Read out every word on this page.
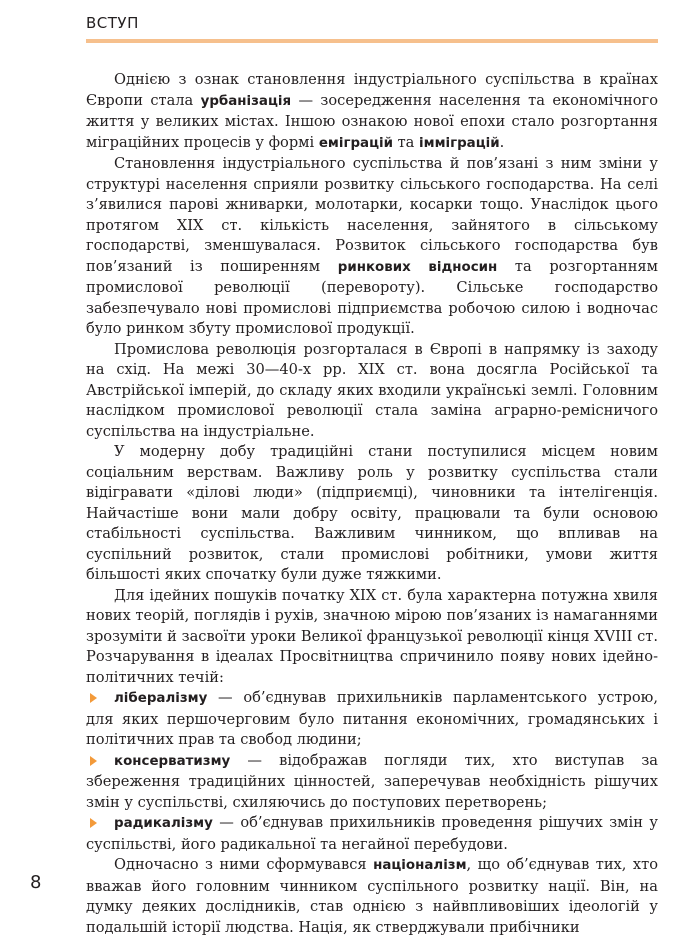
ВСТУП

Однією з ознак становлення індустріального суспільства в країнах Європи стала урбанізація — зосередження населення та економічного життя у великих містах. Іншою ознакою нової епохи стало розгортання міграційних процесів у формі еміграцій та імміграцій.

Становлення індустріального суспільства й пов’язані з ним зміни у структурі населення сприяли розвитку сільського господарства. На селі з’явилися парові жниварки, молотарки, косарки тощо. Унаслідок цього протягом XIX ст. кількість населення, зайнятого в сільському господарстві, зменшувалася. Розвиток сільського господарства був пов’язаний із поширенням ринкових відносин та розгортанням промислової революції (перевороту). Сільське господарство забезпечувало нові промислові підприємства робочою силою і водночас було ринком збуту промислової продукції.

Промислова революція розгорталася в Європі в напрямку із заходу на схід. На межі 30—40-х рр. XIX ст. вона досягла Російської та Австрійської імперій, до складу яких входили українські землі. Головним наслідком промислової революції стала заміна аграрно-ремісничого суспільства на індустріальне.

У модерну добу традиційні стани поступилися місцем новим соціальним верствам. Важливу роль у розвитку суспільства стали відігравати «ділові люди» (підприємці), чиновники та інтелігенція. Найчастіше вони мали добру освіту, працювали та були основою стабільності суспільства. Важливим чинником, що впливав на суспільний розвиток, стали промислові робітники, умови життя більшості яких спочатку були дуже тяжкими.

Для ідейних пошуків початку XIX ст. була характерна потужна хвиля нових теорій, поглядів і рухів, значною мірою пов’язаних із намаганнями зрозуміти й засвоїти уроки Великої французької революції кінця XVIII ст. Розчарування в ідеалах Просвітництва спричинило появу нових ідейно-політичних течій:

лібералізму — об’єднував прихильників парламентського устрою, для яких першочерговим було питання економічних, громадянських і політичних прав та свобод людини;

консерватизму — відображав погляди тих, хто виступав за збереження традиційних цінностей, заперечував необхідність рішучих змін у суспільстві, схиляючись до поступових перетворень;

радикалізму — об’єднував прихильників проведення рішучих змін у суспільстві, його радикальної та негайної перебудови.

Одночасно з ними сформувався націоналізм, що об’єднував тих, хто вважав його головним чинником суспільного розвитку нації. Він, на думку деяких дослідників, став однією з найвпливовіших ідеологій у подальшій історії людства. Нація, як стверджували прибічники

8
